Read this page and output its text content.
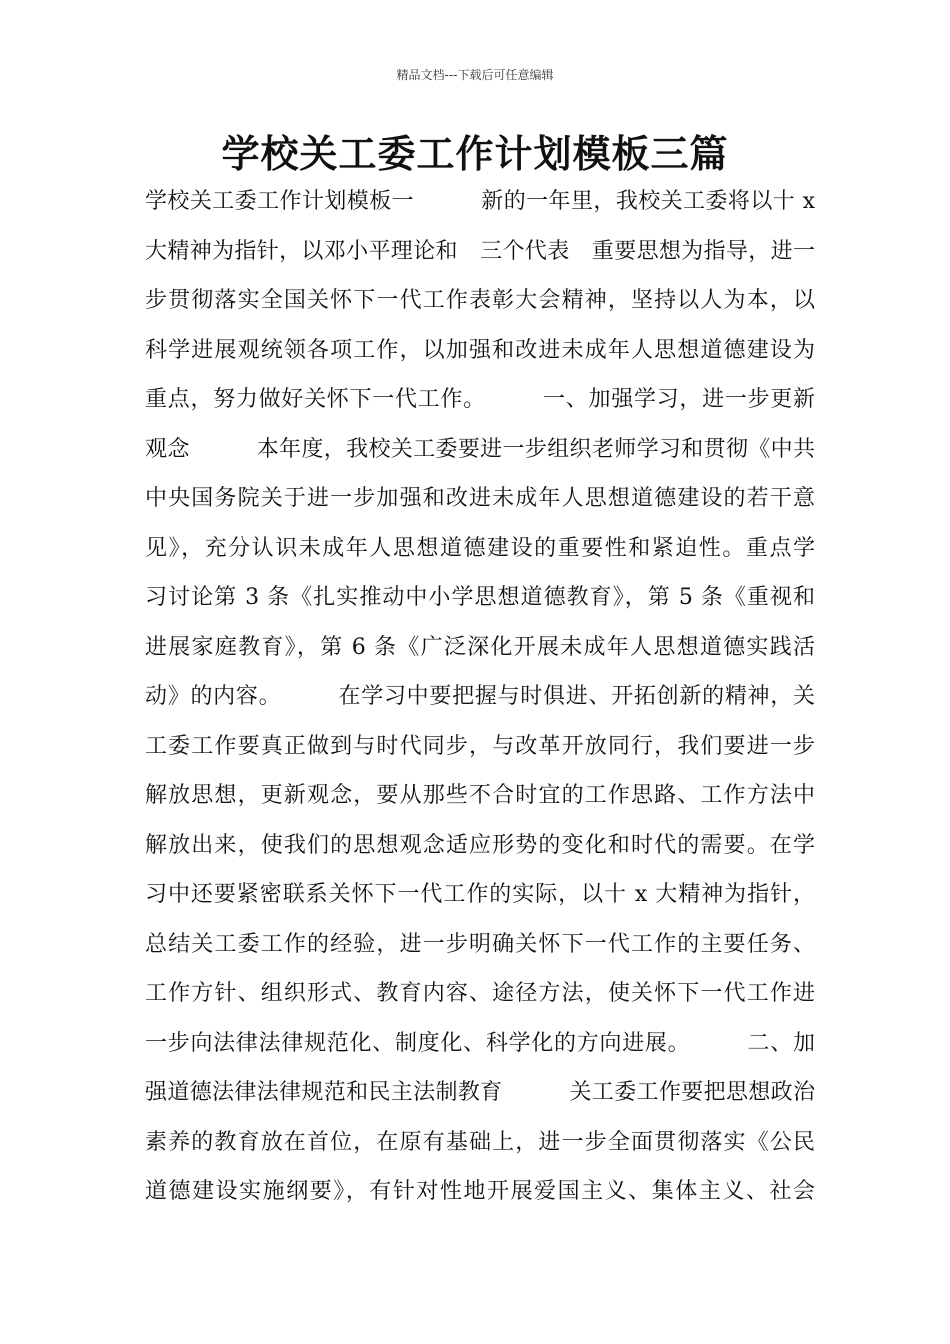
精品文档---下载后可任意编辑
学校关工委工作计划模板三篇
学校关工委工作计划模板一　　　新的一年里，我校关工委将以十 x
大精神为指针，以邓小平理论和　三个代表　重要思想为指导，进一
步贯彻落实全国关怀下一代工作表彰大会精神，坚持以人为本，以
科学进展观统领各项工作，以加强和改进未成年人思想道德建设为
重点，努力做好关怀下一代工作。　　　一、加强学习，进一步更新
观念　　　本年度，我校关工委要进一步组织老师学习和贯彻《中共
中央国务院关于进一步加强和改进未成年人思想道德建设的若干意
见》，充分认识未成年人思想道德建设的重要性和紧迫性。重点学
习讨论第 3 条《扎实推动中小学思想道德教育》，第 5 条《重视和
进展家庭教育》，第 6 条《广泛深化开展未成年人思想道德实践活
动》的内容。　　　在学习中要把握与时俱进、开拓创新的精神，关
工委工作要真正做到与时代同步，与改革开放同行，我们要进一步
解放思想，更新观念，要从那些不合时宜的工作思路、工作方法中
解放出来，使我们的思想观念适应形势的变化和时代的需要。在学
习中还要紧密联系关怀下一代工作的实际，以十 x 大精神为指针，
总结关工委工作的经验，进一步明确关怀下一代工作的主要任务、
工作方针、组织形式、教育内容、途径方法，使关怀下一代工作进
一步向法律法律规范化、制度化、科学化的方向进展。　　　二、加
强道德法律法律规范和民主法制教育　　　关工委工作要把思想政治
素养的教育放在首位，在原有基础上，进一步全面贯彻落实《公民
道德建设实施纲要》，有针对性地开展爱国主义、集体主义、社会
